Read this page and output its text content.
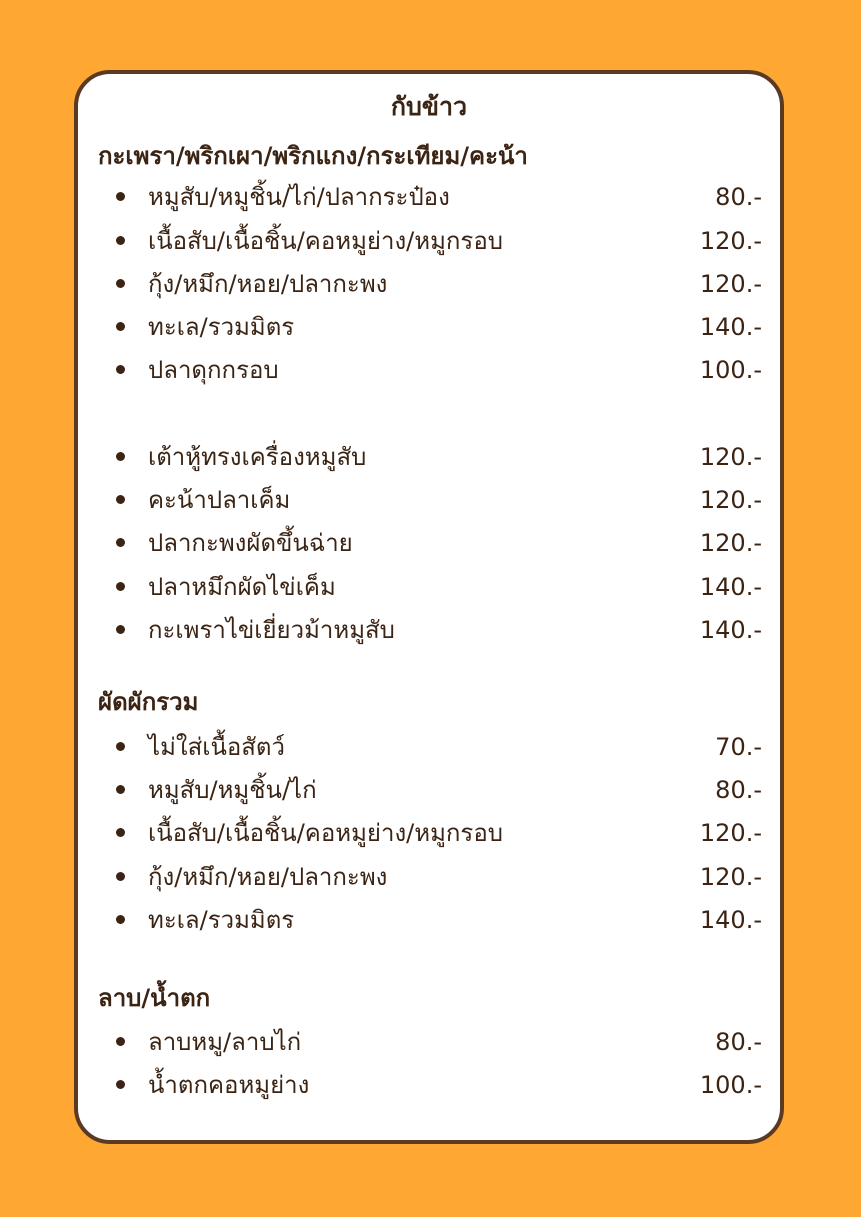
กับข้าว
กะเพรา/พริกเผา/พริกแกง/กระเทียม/คะน้า
หมูสับ/หมูชิ้น/ไก่/ปลากระป๋อง	80.-
เนื้อสับ/เนื้อชิ้น/คอหมูย่าง/หมูกรอบ	120.-
กุ้ง/หมึก/หอย/ปลากะพง	120.-
ทะเล/รวมมิตร	140.-
ปลาดุกกรอบ	100.-
เต้าหู้ทรงเครื่องหมูสับ	120.-
คะน้าปลาเค็ม	120.-
ปลากะพงผัดขึ้นฉ่าย	120.-
ปลาหมึกผัดไข่เค็ม	140.-
กะเพราไข่เยี่ยวม้าหมูสับ	140.-
ผัดผักรวม
ไม่ใส่เนื้อสัตว์	70.-
หมูสับ/หมูชิ้น/ไก่	80.-
เนื้อสับ/เนื้อชิ้น/คอหมูย่าง/หมูกรอบ	120.-
กุ้ง/หมึก/หอย/ปลากะพง	120.-
ทะเล/รวมมิตร	140.-
ลาบ/น้ำตก
ลาบหมู/ลาบไก่	80.-
น้ำตกคอหมูย่าง	100.-
